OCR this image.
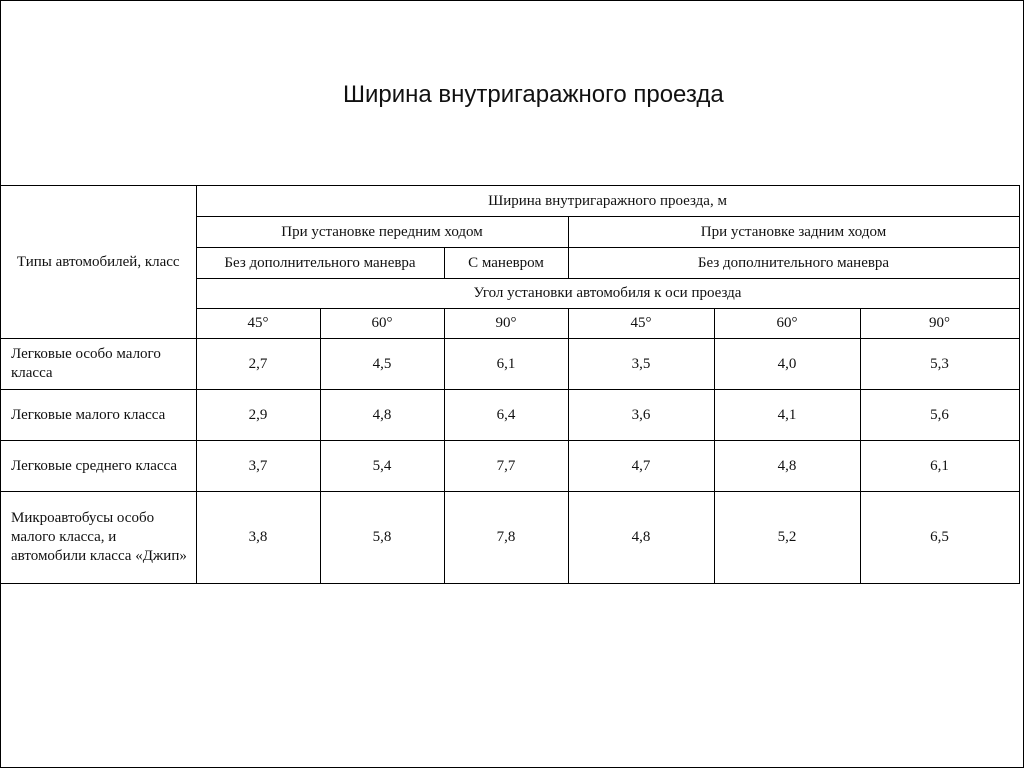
Ширина внутригаражного проезда
Типы автомобилей, класс	Ширина внутригаражного проезда, м					
	При установке передним ходом			При установке задним ходом		
	Без дополнительного маневра		С маневром	Без дополнительного маневра		
	Угол установки автомобиля к оси проезда					
	45°	60°	90°	45°	60°	90°
Легковые особо малого класса	2,7	4,5	6,1	3,5	4,0	5,3
Легковые малого класса	2,9	4,8	6,4	3,6	4,1	5,6
Легковые среднего класса	3,7	5,4	7,7	4,7	4,8	6,1
Микроавтобусы особо малого класса, и автомобили класса «Джип»	3,8	5,8	7,8	4,8	5,2	6,5
